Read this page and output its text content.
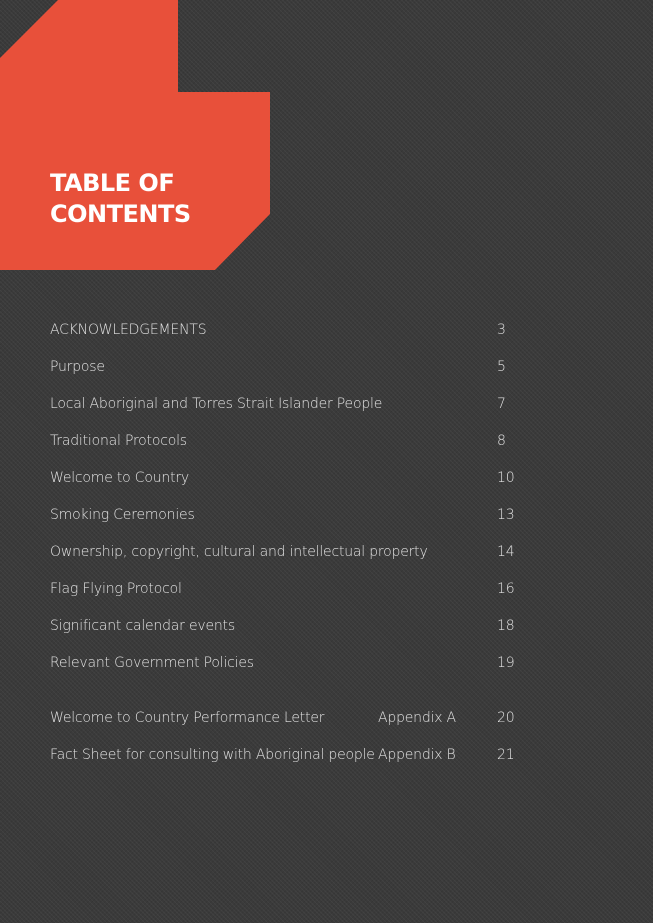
TABLE OF
CONTENTS
ACKNOWLEDGEMENTS	3
Purpose	5
Local Aboriginal and Torres Strait Islander People	7
Traditional Protocols	8
Welcome to Country	10
Smoking Ceremonies	13
Ownership, copyright, cultural and intellectual property	14
Flag Flying Protocol	16
Significant calendar events	18
Relevant Government Policies	19
Welcome to Country Performance Letter	Appendix A	20
Fact Sheet for consulting with Aboriginal people Appendix B	21
